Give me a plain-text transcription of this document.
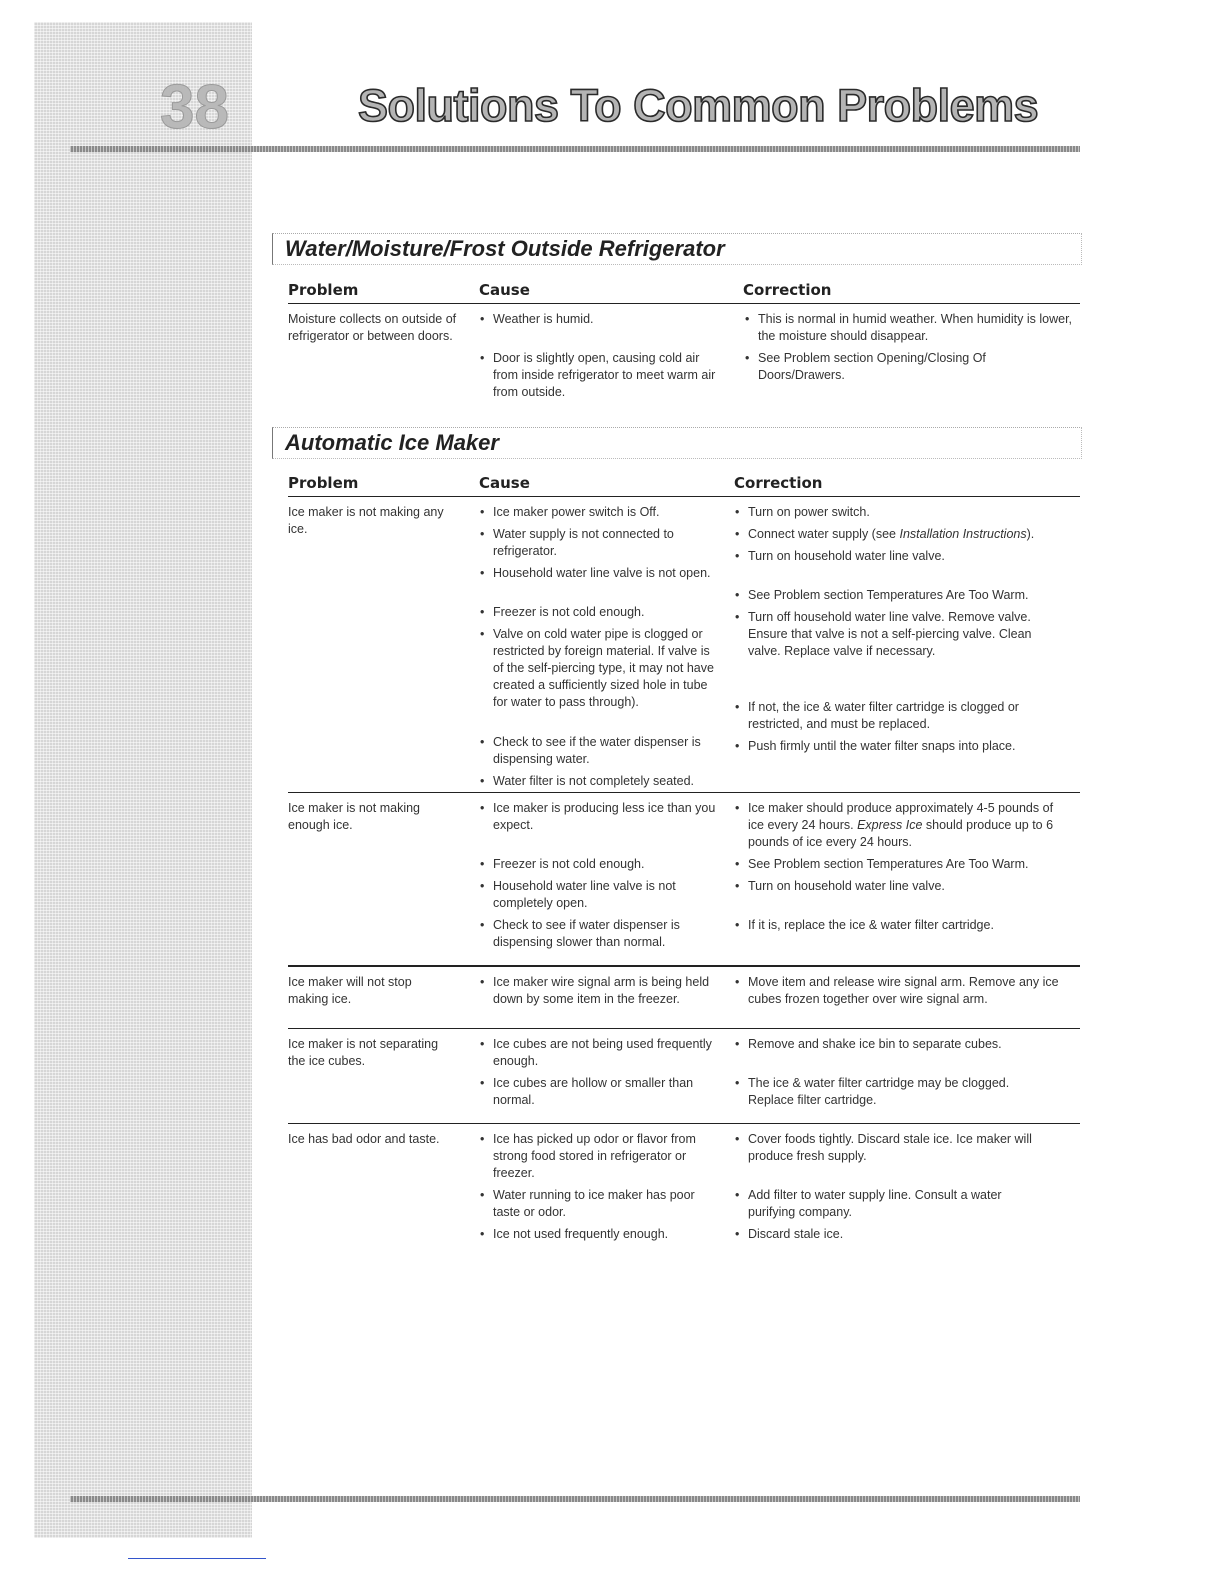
38	Solutions To Common Problems
Water/Moisture/Frost Outside Refrigerator
Problem	Cause	Correction
Moisture collects on outside of refrigerator or between doors.
• Weather is humid.
• Door is slightly open, causing cold air from inside refrigerator to meet warm air from outside.
• This is normal in humid weather. When humidity is lower, the moisture should disappear.
• See Problem section Opening/Closing Of Doors/Drawers.
Automatic Ice Maker
Problem	Cause	Correction
Ice maker is not making any ice.
• Ice maker power switch is Off.
• Water supply is not connected to refrigerator.
• Household water line valve is not open.
• Freezer is not cold enough.
• Valve on cold water pipe is clogged or restricted by foreign material. If valve is of the self-piercing type, it may not have created a sufficiently sized hole in tube for water to pass through).
• Check to see if the water dispenser is dispensing water.
• Water filter is not completely seated.
• Turn on power switch.
• Connect water supply (see Installation Instructions).
• Turn on household water line valve.
• See Problem section Temperatures Are Too Warm.
• Turn off household water line valve. Remove valve. Ensure that valve is not a self-piercing valve. Clean valve. Replace valve if necessary.
• If not, the ice & water filter cartridge is clogged or restricted, and must be replaced.
• Push firmly until the water filter snaps into place.
Ice maker is not making enough ice.
• Ice maker is producing less ice than you expect.
• Freezer is not cold enough.
• Household water line valve is not completely open.
• Check to see if water dispenser is dispensing slower than normal.
• Ice maker should produce approximately 4-5 pounds of ice every 24 hours. Express Ice should produce up to 6 pounds of ice every 24 hours.
• See Problem section Temperatures Are Too Warm.
• Turn on household water line valve.
• If it is, replace the ice & water filter cartridge.
Ice maker will not stop making ice.
• Ice maker wire signal arm is being held down by some item in the freezer.
• Move item and release wire signal arm. Remove any ice cubes frozen together over wire signal arm.
Ice maker is not separating the ice cubes.
• Ice cubes are not being used frequently enough.
• Ice cubes are hollow or smaller than normal.
• Remove and shake ice bin to separate cubes.
• The ice & water filter cartridge may be clogged. Replace filter cartridge.
Ice has bad odor and taste.
•	Ice has picked up odor or flavor from strong food stored in refrigerator or freezer.
• Water running to ice maker has poor taste or odor.
• Ice not used frequently enough.
• Cover foods tightly. Discard stale ice. Ice maker will produce fresh supply.
• Add filter to water supply line. Consult a water purifying company.
• Discard stale ice.
